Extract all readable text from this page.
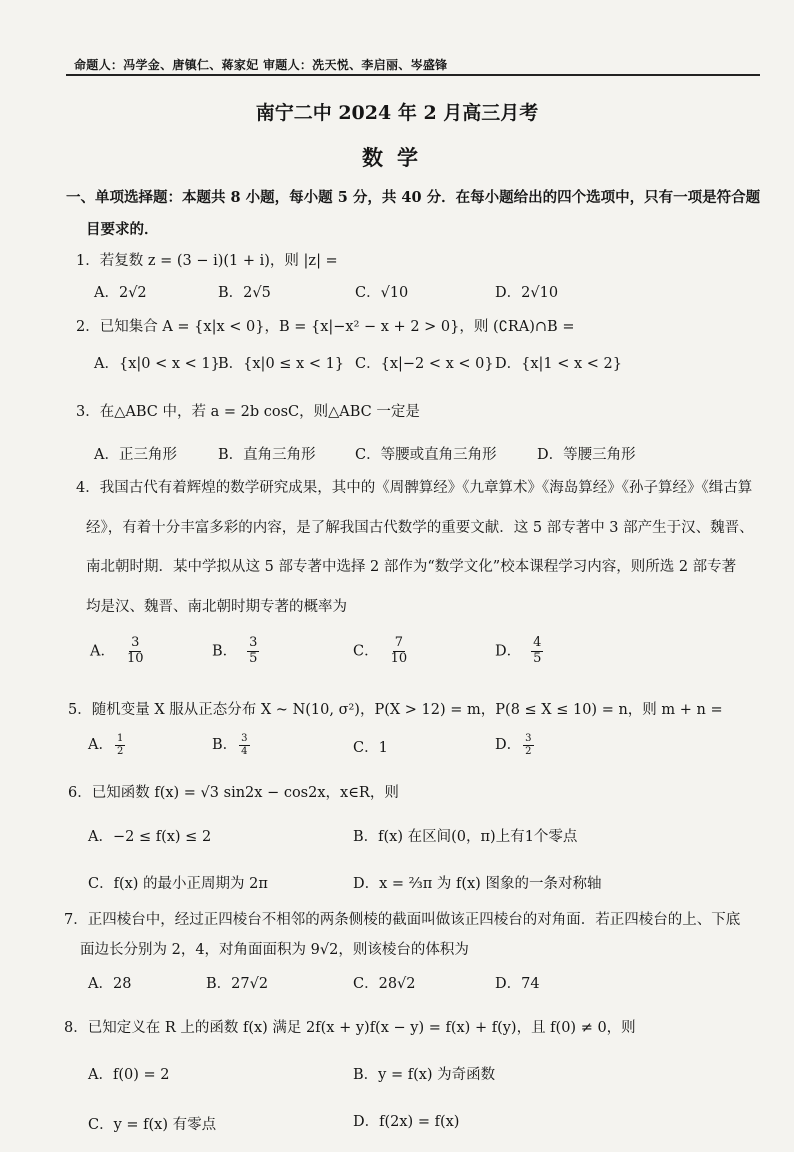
命题人：冯学金、唐镇仁、蒋家妃 审题人：冼天悦、李启丽、岑盛锋
南宁二中 2024 年 2 月高三月考
数学
一、单项选择题：本题共 8 小题，每小题 5 分，共 40 分．在每小题给出的四个选项中，只有一项是符合题
目要求的．
1．若复数 z = (3 − i)(1 + i)，则 |z| =
A．2√2	B．2√5	C．√10	D．2√10
2．已知集合 A = {x|x < 0}，B = {x|−x² − x + 2 > 0}，则 (∁RA)∩B =
A．{x|0 < x < 1}
B．{x|0 ≤ x < 1} C．{x|−2 < x < 0} D．{x|1 < x < 2}
3．在△ABC 中，若 a = 2b cosC，则△ABC 一定是
A．正三角形	B．直角三角形	C．等腰或直角三角形	D．等腰三角形
4．我国古代有着辉煌的数学研究成果，其中的《周髀算经》《九章算术》《海岛算经》《孙子算经》《缉古算
经》，有着十分丰富多彩的内容，是了解我国古代数学的重要文献．这 5 部专著中 3 部产生于汉、魏晋、
南北朝时期．某中学拟从这 5 部专著中选择 2 部作为“数学文化”校本课程学习内容，则所选 2 部专著
均是汉、魏晋、南北朝时期专著的概率为
A． $\frac{3}{10}$	B． $\frac{3}{5}$	C． $\frac{7}{10}$	D． $\frac{4}{5}$
5．随机变量 X 服从正态分布 X ~ N(10, σ²)，P(X > 12) = m，P(8 ≤ X ≤ 10) = n，则 m + n =
A． $\frac{1}{2}$	B． $\frac{3}{4}$	C．1	D． $\frac{3}{2}$
6．已知函数 f(x) = √3 sin2x − cos2x，x∈R，则
A．−2 ≤ f(x) ≤ 2	B．f(x) 在区间(0，π)上有1个零点
C．f(x) 的最小正周期为 2π	D．x = ⅔π 为 f(x) 图象的一条对称轴
7．正四棱台中，经过正四棱台不相邻的两条侧棱的截面叫做该正四棱台的对角面．若正四棱台的上、下底
面边长分别为 2，4，对角面面积为 9√2，则该棱台的体积为
A．28	B．27√2	C．28√2	D．74
8．已知定义在 R 上的函数 f(x) 满足 2f(x + y)f(x − y) = f(x) + f(y)，且 f(0) ≠ 0，则
A．f(0) = 2	B．y = f(x) 为奇函数
C．y = f(x) 有零点	D．f(2x) = f(x)
